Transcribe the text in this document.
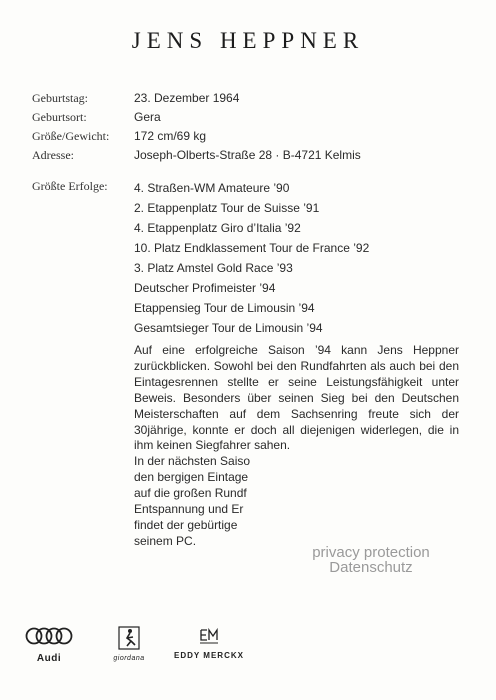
JENS HEPPNER
Geburtstag:	23. Dezember 1964
Geburtsort:	Gera
Größe/Gewicht: 172 cm/69 kg
Adresse:	Joseph-Olberts-Straße 28 · B-4721 Kelmis
Größte Erfolge: 4. Straßen-WM Amateure ’90
2. Etappenplatz Tour de Suisse ’91
4. Etappenplatz Giro d’Italia ’92
10. Platz Endklassement Tour de France ’92
3. Platz Amstel Gold Race ’93
Deutscher Profimeister ’94
Etappensieg Tour de Limousin ’94
Gesamtsieger Tour de Limousin ’94

Auf eine erfolgreiche Saison ’94 kann Jens Heppner zurückblicken. Sowohl bei den Rundfahrten als auch bei den Eintagesrennen stellte er seine Leistungsfähigkeit unter Beweis. Besonders über seinen Sieg bei den Deutschen Meisterschaften auf dem Sachsenring freute sich der 30jährige, konnte er doch all diejenigen widerlegen, die in ihm keinen Siegfahrer sahen.

In der nächsten Saiso
den bergigen Eintage
auf die großen Rundf
Entspannung und Er
findet der gebürtige
seinem PC.
privacy protection
Datenschutz
Audi	giordana	EDDY MERCKX
